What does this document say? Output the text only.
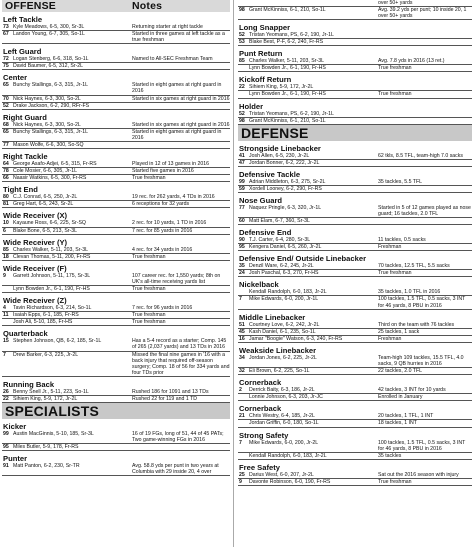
OFFENSE	Notes
Left Tackle
73 Kyle Meadows, 6-5, 300, Sr-3L	Returning starter at right tackle
67 Landon Young, 6-7, 305, So-1L	Started in three games at left tackle as a true freshman
Left Guard
72 Logan Stenberg, 6-6, 318, So-1L	Named to All-SEC Freshman Team
75 David Baumer, 6-5, 312, Sr-2L
Center
65 Bunchy Stallings, 6-3, 315, Jr-1L	Started in eight games at right guard in 2016
70 Nick Haynes, 6-3, 300, So-2L	Started in six games at right guard in 2016
52 Drake Jackson, 6-2, 290, RFr-FS
Right Guard
68 Nick Haynes, 6-3, 300, So-2L	Started in six games at right guard in 2016
65 Bunchy Stallings, 6-3, 315, Jr-1L	Started in eight games at right guard in 2016
77 Mason Wolfe, 6-6, 300, So-SQ
Right Tackle
64 George Asafo-Adjei, 6-5, 315, Fr-RS	Played in 12 of 13 games in 2016
78 Cole Mosier, 6-6, 305, Jr-1L	Started five games in 2016
66 Naasir Watkins, 6-5, 300, Fr-RS	True freshman
Tight End
80 C.J. Conrad, 6-5, 250, Jr-2L	19 rec. for 262 yards, 4 TDs in 2016
81 Greg Hart, 6-5, 243, Sr-2L	6 receptions for 32 yards
Wide Receiver (X)
10 Kayaune Ross, 6-6, 225, Sr-SQ	2 rec. for 10 yards, 1 TD in 2016
6	Blake Bone, 6-5, 213, Sr-3L	7 rec. for 85 yards in 2016
Wide Receiver (Y)
85 Charles Walker, 5-11, 203, Sr-3L	4 rec. for 34 yards in 2016
18 Clevan Thomas, 5-11, 200, Fr-RS	True freshman
Wide Receiver (F)
9	Garrett Johnson, 5-11, 175, Sr-3L	107 career rec. for 1,550 yards; 8th on UK's all-time receiving yards list
Lynn Bowden Jr., 6-1, 190, Fr-HS	True freshman
Wide Receiver (Z)
4	Tavin Richardson, 6-3, 214, So-1L	7 rec. for 96 yards in 2016
11 Isaiah Epps, 6-1, 185, Fr-RS	True freshman
Josh Ali, 5-10, 185, Fr-HS	True freshman
Quarterback
15 Stephen Johnson, QB, 6-2, 185, Sr-1L	Has a 5-4 record as a starter; Comp. 145 of 265 (2,037 yards) and 13 TDs in 2016
7	Drew Barker, 6-3, 225, Jr-2L	Missed the final nine games in '16 with a back injury that required off-season surgery; Comp. 18 of 56 for 334 yards and four TDs prior
Running Back
26 Benny Snell Jr., 5-11, 223, So-1L	Rushed 186 for 1091 and 13 TDs
22 Sihiem King, 5-9, 172, Jr-2L	Rushed 22 for 119 and 1 TD
SPECIALISTS
Kicker
99 Austin MacGinnis, 5-10, 185, Sr-3L	16 of 19 FGs, long of 51, 44 of 45 PATs; Two game-winning FGs in 2016
95 Miles Butler, 5-9, 178, Fr-RS
Punter
91 Matt Panton, 6-2, 230, Sr-TR	Avg. 58.8 yds per punt in two years at Columbia with 29 inside 20, 4 over
over 50+ yards
98 Grant McKinniss, 6-1, 210, So-1L	Avg. 39.2 yds per punt; 10 inside 20, 1 over 50+ yards
Long Snapper
52 Tristan Yeomans, PS, 6-2, 190, Jr-1L
53 Blake Best, P-F, 6-2, 240, Fr-RS
Punt Return
85 Charles Walker, 5-11, 203, Sr-3L	Avg. 7.8 yds in 2016 (13 ret.)
Lynn Bowden Jr., 6-1, 190, Fr-HS	True freshman
Kickoff Return
22 Sihiem King, 5-9, 172, Jr-2L
Lynn Bowden Jr., 6-1, 190, Fr-HS	True freshman
Holder
52 Tristan Yeomans, PS, 6-2, 190, Jr-1L
98 Grant McKinniss, 6-1, 210, So-1L
DEFENSE
Strongside Linebacker
41 Josh Allen, 6-5, 230, Jr-2L	62 tkls, 8.5 TFL, team-high 7.0 sacks
47 Jordan Bonner, 6-2, 222, Jr-2L
Defensive Tackle
99 Adrian Middleton, 6-3, 275, Sr-2L	35 tackles, 5.5 TFL
59 Xordell Looney, 6-2, 290, Fr-RS
Nose Guard
77 Naquez Pringle, 6-3, 320, Jr-1L	Started in 5 of 12 games played as nose guard; 16 tackles, 2.0 TFL
60 Matt Elam, 6-7, 360, Sr-3L
Defensive End
90 T.J. Carter, 6-4, 280, Sr-3L	11 tackles, 0.5 sacks
95 Kengera Daniel, 6-5, 260, Jr-2L	Freshman
Defensive End/ Outside Linebacker
35 Denzil Ware, 6-2, 245, Jr-2L	70 tackles, 12.5 TFL, 5.5 sacks
24 Josh Paschal, 6-3, 270, Fr-HS	True freshman
Nickelback
Kendall Randolph, 6-0, 183, Jr-2L	35 tackles, 1.0 TFL in 2016
7	Mike Edwards, 6-0, 200, Jr-1L	100 tackles, 1.5 TFL, 0.5 sacks, 3 INT for 46 yards, 8 PBU in 2016
Middle Linebacker
51 Courtney Love, 6-2, 242, Jr-2L	Third on the team with 76 tackles
45 Kash Daniel, 6-1, 235, So-1L	25 tackles, 1 sack
16 Jamar "Boogie" Watson, 6-3, 240, Fr-RS	Freshman
Weakside Linebacker
34 Jordan Jones, 6-2, 225, Jr-2L	Team-high 109 tackles, 15.5 TFL, 4.0 sacks, 9 QB hurries in 2016
32 Eli Brown, 6-2, 225, So-1L	22 tackles, 2.0 TFL
Cornerback
2	Derrick Baity, 6-3, 186, Jr-2L	42 tackles, 3 INT for 10 yards
Lonnie Johnson, 6-3, 203, Jr-JC	Enrolled in January
Cornerback
21 Chris Westry, 6-4, 185, Jr-2L	20 tackles, 1 TFL, 1 INT
Jordan Griffin, 6-0, 180, So-1L	18 tackles, 1 INT
Strong Safety
7	Mike Edwards, 6-0, 200, Jr-2L	100 tackles, 1.5 TFL, 0.5 sacks, 3 INT for 46 yards, 8 PBU in 2016
Kendall Randolph, 6-0, 183, Jr-2L	35 tackles
Free Safety
25 Darius West, 6-0, 207, Jr-2L	Sat out the 2016 season with injury
9	Davonte Robinson, 6-0, 190, Fr-RS	True freshman
